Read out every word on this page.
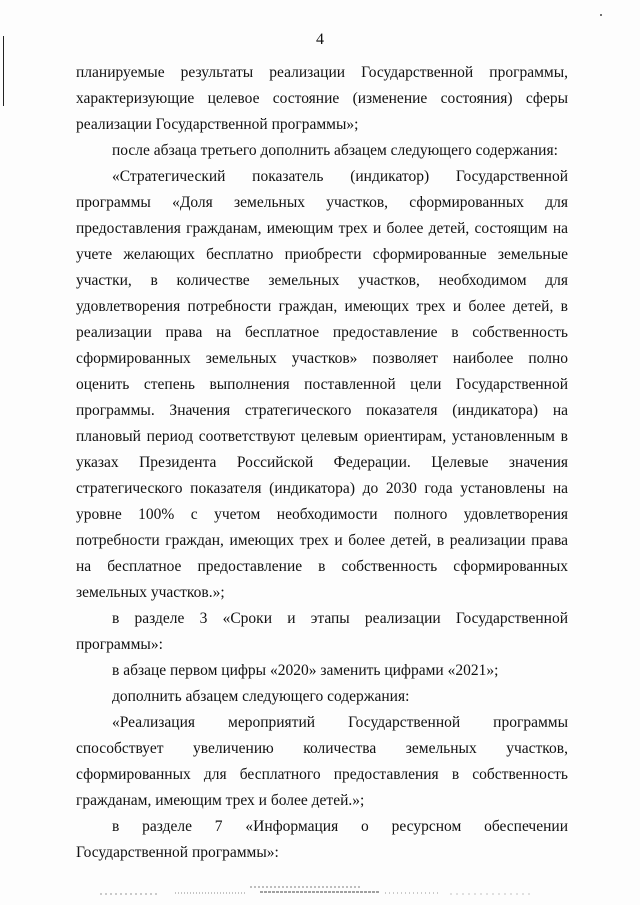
4

планируемые результаты реализации Государственной программы, характеризующие целевое состояние (изменение состояния) сферы реализации Государственной программы»;

после абзаца третьего дополнить абзацем следующего содержания:

«Стратегический показатель (индикатор) Государственной программы «Доля земельных участков, сформированных для предоставления гражданам, имеющим трех и более детей, состоящим на учете желающих бесплатно приобрести сформированные земельные участки, в количестве земельных участков, необходимом для удовлетворения потребности граждан, имеющих трех и более детей, в реализации права на бесплатное предоставление в собственность сформированных земельных участков» позволяет наиболее полно оценить степень выполнения поставленной цели Государственной программы. Значения стратегического показателя (индикатора) на плановый период соответствуют целевым ориентирам, установленным в указах Президента Российской Федерации. Целевые значения стратегического показателя (индикатора) до 2030 года установлены на уровне 100% с учетом необходимости полного удовлетворения потребности граждан, имеющих трех и более детей, в реализации права на бесплатное предоставление в собственность сформированных земельных участков.»;

в разделе 3 «Сроки и этапы реализации Государственной программы»:

в абзаце первом цифры «2020» заменить цифрами «2021»;

дополнить абзацем следующего содержания:

«Реализация мероприятий Государственной программы способствует увеличению количества земельных участков, сформированных для бесплатного предоставления в собственность гражданам, имеющим трех и более детей.»;

в разделе 7 «Информация о ресурсном обеспечении Государственной программы»:
